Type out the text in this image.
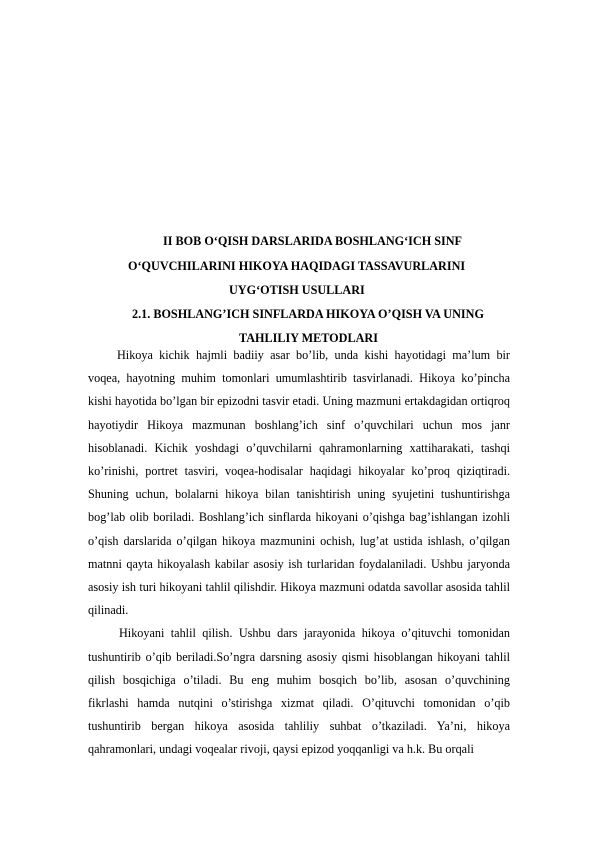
II BOB O‘QISH DARSLARIDA BOSHLANG‘ICH SINF
O‘QUVCHILARINI HIKOYA HAQIDAGI TASSAVURLARINI
UYG‘OTISH USULLARI
2.1. BOSHLANG’ICH SINFLARDA HIKOYA O’QISH VA UNING
TAHLILIY METODLARI

Hikoya kichik hajmli badiiy asar bo’lib, unda kishi hayotidagi ma’lum bir voqea, hayotning muhim tomonlari umumlashtirib tasvirlanadi. Hikoya ko’pincha kishi hayotida bo’lgan bir epizodni tasvir etadi. Uning mazmuni ertakdagidan ortiqroq hayotiydir Hikoya mazmunan boshlang’ich sinf o’quvchilari uchun mos janr hisoblanadi. Kichik yoshdagi o’quvchilarni qahramonlarning xattiharakati, tashqi ko’rinishi, portret tasviri, voqea-hodisalar haqidagi hikoyalar ko’proq qiziqtiradi. Shuning uchun, bolalarni hikoya bilan tanishtirish uning syujetini tushuntirishga bog’lab olib boriladi. Boshlang’ich sinflarda hikoyani o’qishga bag’ishlangan izohli o’qish darslarida o’qilgan hikoya mazmunini ochish, lug’at ustida ishlash, o’qilgan matnni qayta hikoyalash kabilar asosiy ish turlaridan foydalaniladi. Ushbu jaryonda asosiy ish turi hikoyani tahlil qilishdir. Hikoya mazmuni odatda savollar asosida tahlil qilinadi.

Hikoyani tahlil qilish. Ushbu dars jarayonida hikoya o’qituvchi tomonidan tushuntirib o’qib beriladi.So’ngra darsning asosiy qismi hisoblangan hikoyani tahlil qilish bosqichiga o’tiladi. Bu eng muhim bosqich bo’lib, asosan o’quvchining fikrlashi hamda nutqini o’stirishga xizmat qiladi. O’qituvchi tomonidan o’qib tushuntirib bergan hikoya asosida tahliliy suhbat o’tkaziladi. Ya’ni, hikoya qahramonlari, undagi voqealar rivoji, qaysi epizod yoqqanligi va h.k. Bu orqali
